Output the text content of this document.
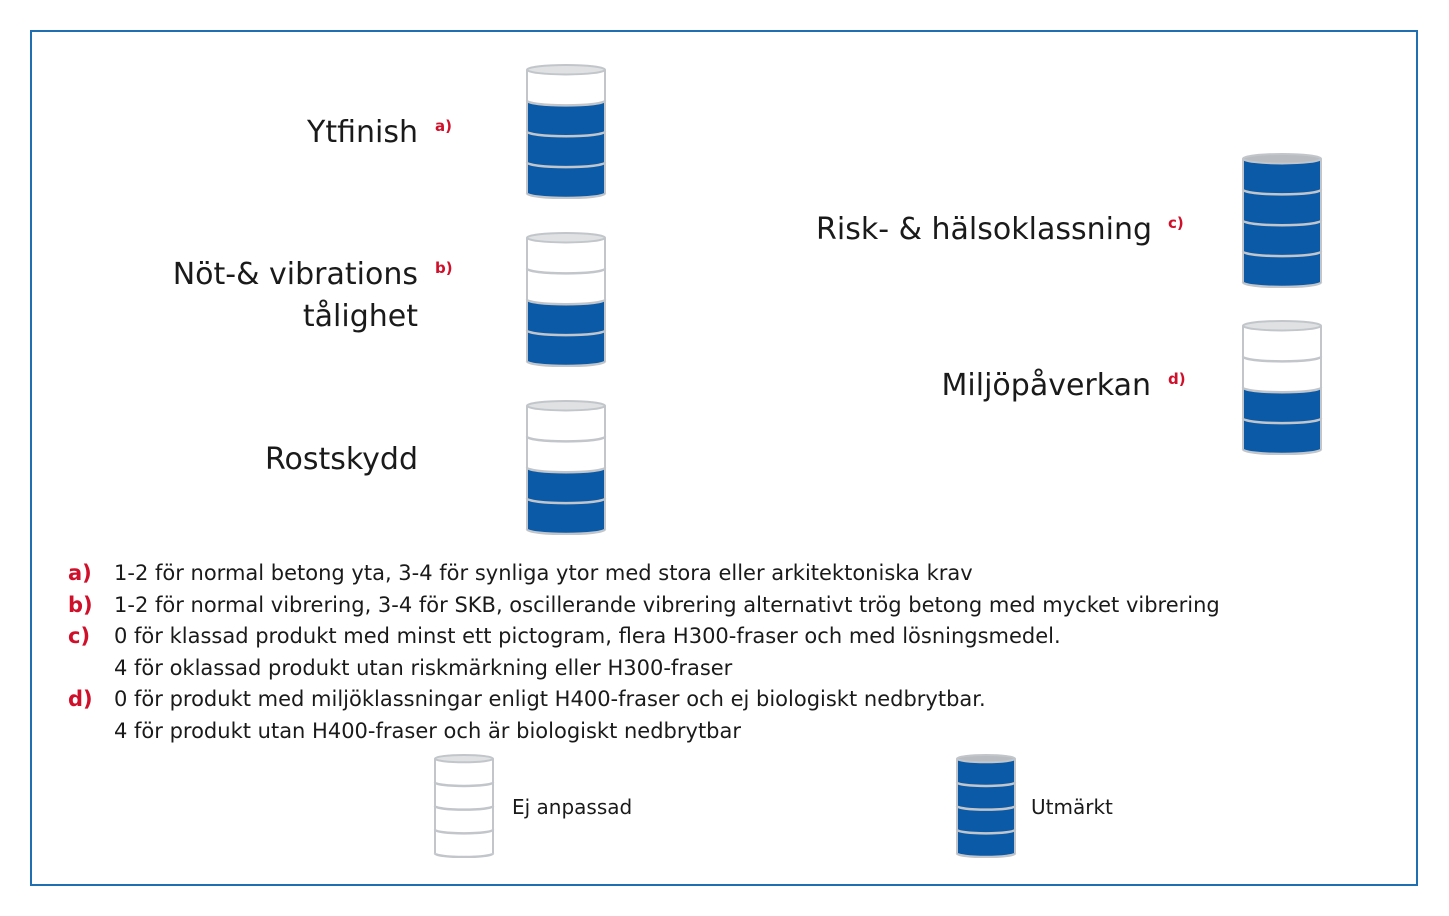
Ytfinish a)
Nöt-& vibrations
tålighet
b)
Rostskydd
Risk- & hälsoklassning c)
Miljöpåverkan d)
a)	1-2 för normal betong yta, 3-4 för synliga ytor med stora eller arkitektoniska krav
b)	1-2 för normal vibrering, 3-4 för SKB, oscillerande vibrering alternativt trög betong med mycket vibrering
c)	0 för klassad produkt med minst ett pictogram, flera H300-fraser och med lösningsmedel.
4 för oklassad produkt utan riskmärkning eller H300-fraser
d)	0 för produkt med miljöklassningar enligt H400-fraser och ej biologiskt nedbrytbar.
4 för produkt utan H400-fraser och är biologiskt nedbrytbar
Ej anpassad	Utmärkt
